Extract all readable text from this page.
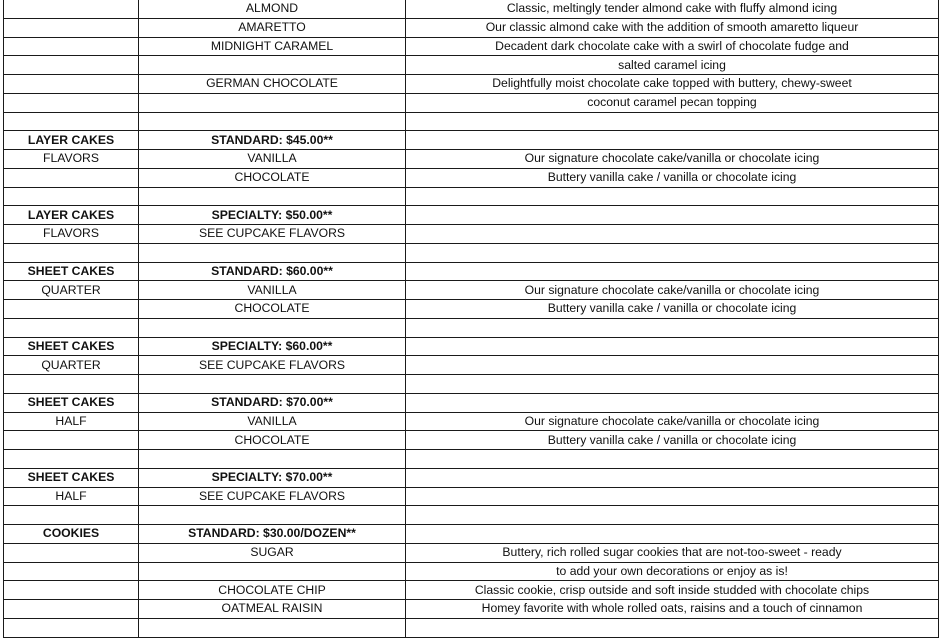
	ALMOND	Classic, meltingly tender almond cake with fluffy almond icing
	AMARETTO	Our classic almond cake with the addition of smooth amaretto liqueur
	MIDNIGHT CARAMEL	Decadent dark chocolate cake with a swirl of chocolate fudge and
		salted caramel icing
	GERMAN CHOCOLATE	Delightfully moist chocolate cake topped with buttery, chewy-sweet
		coconut caramel pecan topping

LAYER CAKES	STANDARD: $45.00**	
FLAVORS	VANILLA	Our signature chocolate cake/vanilla or chocolate icing
	CHOCOLATE	Buttery vanilla cake / vanilla or chocolate icing

LAYER CAKES	SPECIALTY: $50.00**	
FLAVORS	SEE CUPCAKE FLAVORS	

SHEET CAKES	STANDARD: $60.00**	
QUARTER	VANILLA	Our signature chocolate cake/vanilla or chocolate icing
	CHOCOLATE	Buttery vanilla cake / vanilla or chocolate icing

SHEET CAKES	SPECIALTY: $60.00**	
QUARTER	SEE CUPCAKE FLAVORS	

SHEET CAKES	STANDARD: $70.00**	
HALF	VANILLA	Our signature chocolate cake/vanilla or chocolate icing
	CHOCOLATE	Buttery vanilla cake / vanilla or chocolate icing

SHEET CAKES	SPECIALTY: $70.00**	
HALF	SEE CUPCAKE FLAVORS	

COOKIES	STANDARD: $30.00/DOZEN**	
	SUGAR	Buttery, rich rolled sugar cookies that are not-too-sweet - ready
		to add your own decorations or enjoy as is!
	CHOCOLATE CHIP	Classic cookie, crisp outside and soft inside studded with chocolate chips
	OATMEAL RAISIN	Homey favorite with whole rolled oats, raisins and a touch of cinnamon
